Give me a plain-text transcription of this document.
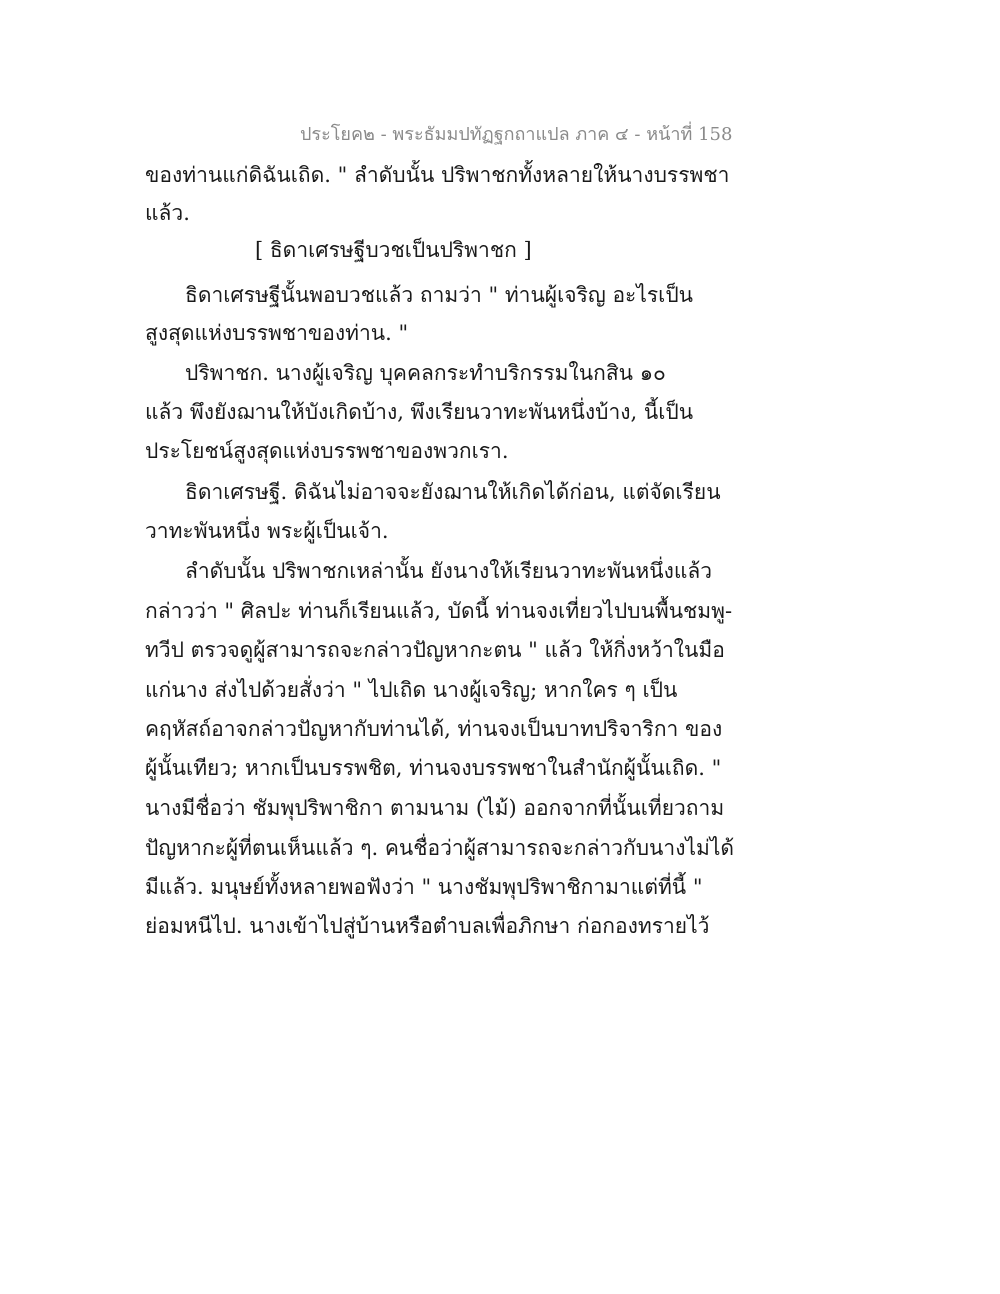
ประโยค๒ - พระธัมมปทัฏฐกถาแปล ภาค ๔ - หน้าที่ 158
ของท่านแก่ดิฉันเถิด. " ลำดับนั้น ปริพาชกทั้งหลายให้นางบรรพชา
แล้ว.
[ ธิดาเศรษฐีบวชเป็นปริพาชก ]
ธิดาเศรษฐีนั้นพอบวชแล้ว ถามว่า " ท่านผู้เจริญ อะไรเป็น
สูงสุดแห่งบรรพชาของท่าน. "
ปริพาชก. นางผู้เจริญ บุคคลกระทำบริกรรมในกสิน ๑๐
แล้ว พึงยังฌานให้บังเกิดบ้าง, พึงเรียนวาทะพันหนึ่งบ้าง, นี้เป็น
ประโยชน์สูงสุดแห่งบรรพชาของพวกเรา.
ธิดาเศรษฐี. ดิฉันไม่อาจจะยังฌานให้เกิดได้ก่อน, แต่จัดเรียน
วาทะพันหนึ่ง พระผู้เป็นเจ้า.
ลำดับนั้น ปริพาชกเหล่านั้น ยังนางให้เรียนวาทะพันหนึ่งแล้ว
กล่าวว่า " ศิลปะ ท่านก็เรียนแล้ว, บัดนี้ ท่านจงเที่ยวไปบนพื้นชมพู-
ทวีป ตรวจดูผู้สามารถจะกล่าวปัญหากะตน " แล้ว ให้กิ่งหว้าในมือ
แก่นาง ส่งไปด้วยสั่งว่า " ไปเถิด นางผู้เจริญ; หากใคร ๆ เป็น
คฤหัสถ์อาจกล่าวปัญหากับท่านได้, ท่านจงเป็นบาทปริจาริกา ของ
ผู้นั้นเทียว; หากเป็นบรรพชิต, ท่านจงบรรพชาในสำนักผู้นั้นเถิด. "
นางมีชื่อว่า ชัมพุปริพาชิกา ตามนาม (ไม้) ออกจากที่นั้นเที่ยวถาม
ปัญหากะผู้ที่ตนเห็นแล้ว ๆ. คนชื่อว่าผู้สามารถจะกล่าวกับนางไม่ได้
มีแล้ว. มนุษย์ทั้งหลายพอฟังว่า " นางชัมพุปริพาชิกามาแต่ที่นี้ "
ย่อมหนีไป. นางเข้าไปสู่บ้านหรือตำบลเพื่อภิกษา ก่อกองทรายไว้
